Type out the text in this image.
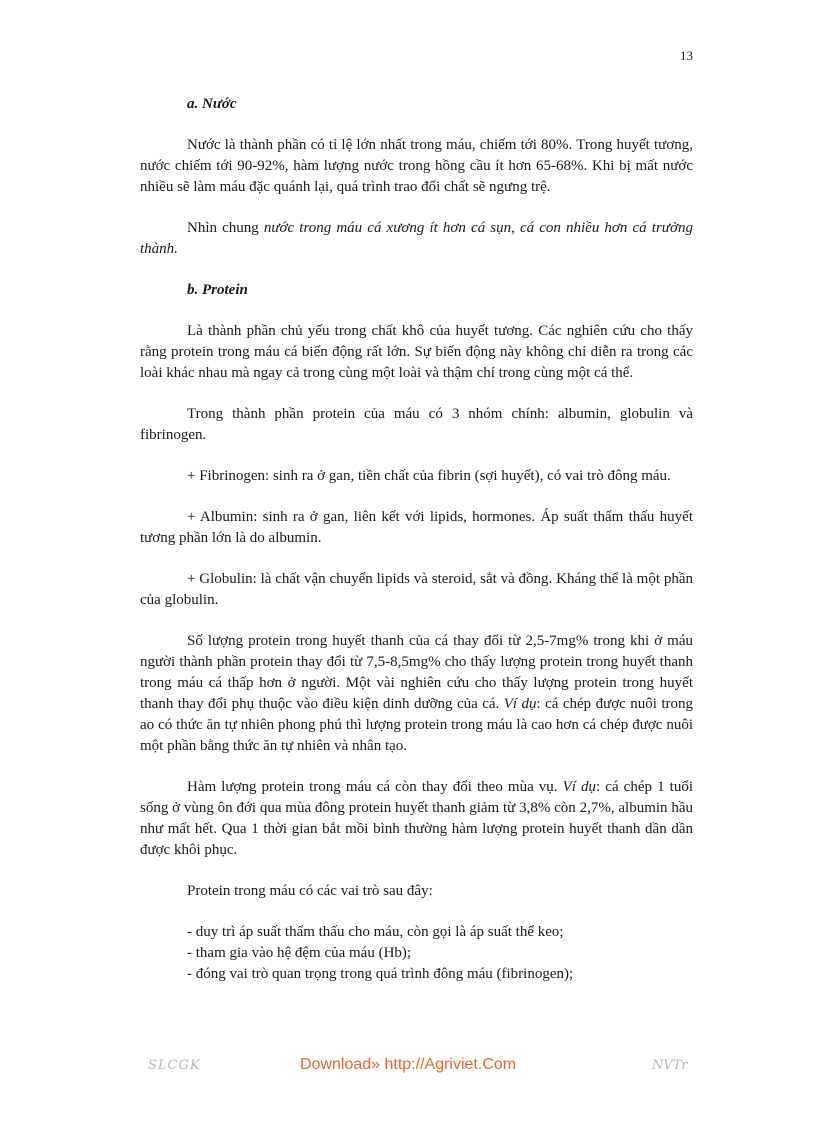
13

a. Nước

Nước là thành phần có tỉ lệ lớn nhất trong máu, chiếm tới 80%. Trong huyết tương, nước chiếm tới 90-92%, hàm lượng nước trong hồng cầu ít hơn 65-68%. Khi bị mất nước nhiều sẽ làm máu đặc quánh lại, quá trình trao đổi chất sẽ ngưng trệ.

Nhìn chung nước trong máu cá xương ít hơn cá sụn, cá con nhiều hơn cá trưởng thành.

b. Protein

Là thành phần chủ yếu trong chất khô của huyết tương. Các nghiên cứu cho thấy rằng protein trong máu cá biến động rất lớn. Sự biến động này không chỉ diễn ra trong các loài khác nhau mà ngay cả trong cùng một loài và thậm chí trong cùng một cá thể.

Trong thành phần protein của máu có 3 nhóm chính: albumin, globulin và fibrinogen.

+ Fibrinogen: sinh ra ở gan, tiền chất của fibrin (sợi huyết), có vai trò đông máu.

+ Albumin: sinh ra ở gan, liên kết với lipids, hormones. Áp suất thẩm thấu huyết tương phần lớn là do albumin.

+ Globulin: là chất vận chuyển lipids và steroid, sắt và đồng. Kháng thể là một phần của globulin.

Số lượng protein trong huyết thanh của cá thay đổi từ 2,5-7mg% trong khi ở máu người thành phần protein thay đổi từ 7,5-8,5mg% cho thấy lượng protein trong huyết thanh trong máu cá thấp hơn ở người. Một vài nghiên cứu cho thấy lượng protein trong huyết thanh thay đổi phụ thuộc vào điều kiện dinh dưỡng của cá. Ví dụ: cá chép được nuôi trong ao có thức ăn tự nhiên phong phú thì lượng protein trong máu là cao hơn cá chép được nuôi một phần bằng thức ăn tự nhiên và nhân tạo.

Hàm lượng protein trong máu cá còn thay đổi theo mùa vụ. Ví dụ: cá chép 1 tuổi sống ở vùng ôn đới qua mùa đông protein huyết thanh giảm từ 3,8% còn 2,7%, albumin hầu như mất hết. Qua 1 thời gian bắt mồi bình thường hàm lượng protein huyết thanh dần dần được khôi phục.

Protein trong máu có các vai trò sau đây:

- duy trì áp suất thẩm thấu cho máu, còn gọi là áp suất thể keo;

- tham gia vào hệ đệm của máu (Hb);

- đóng vai trò quan trọng trong quá trình đông máu (fibrinogen);

SLCGK	Download» http://Agriviet.Com	NVTr
